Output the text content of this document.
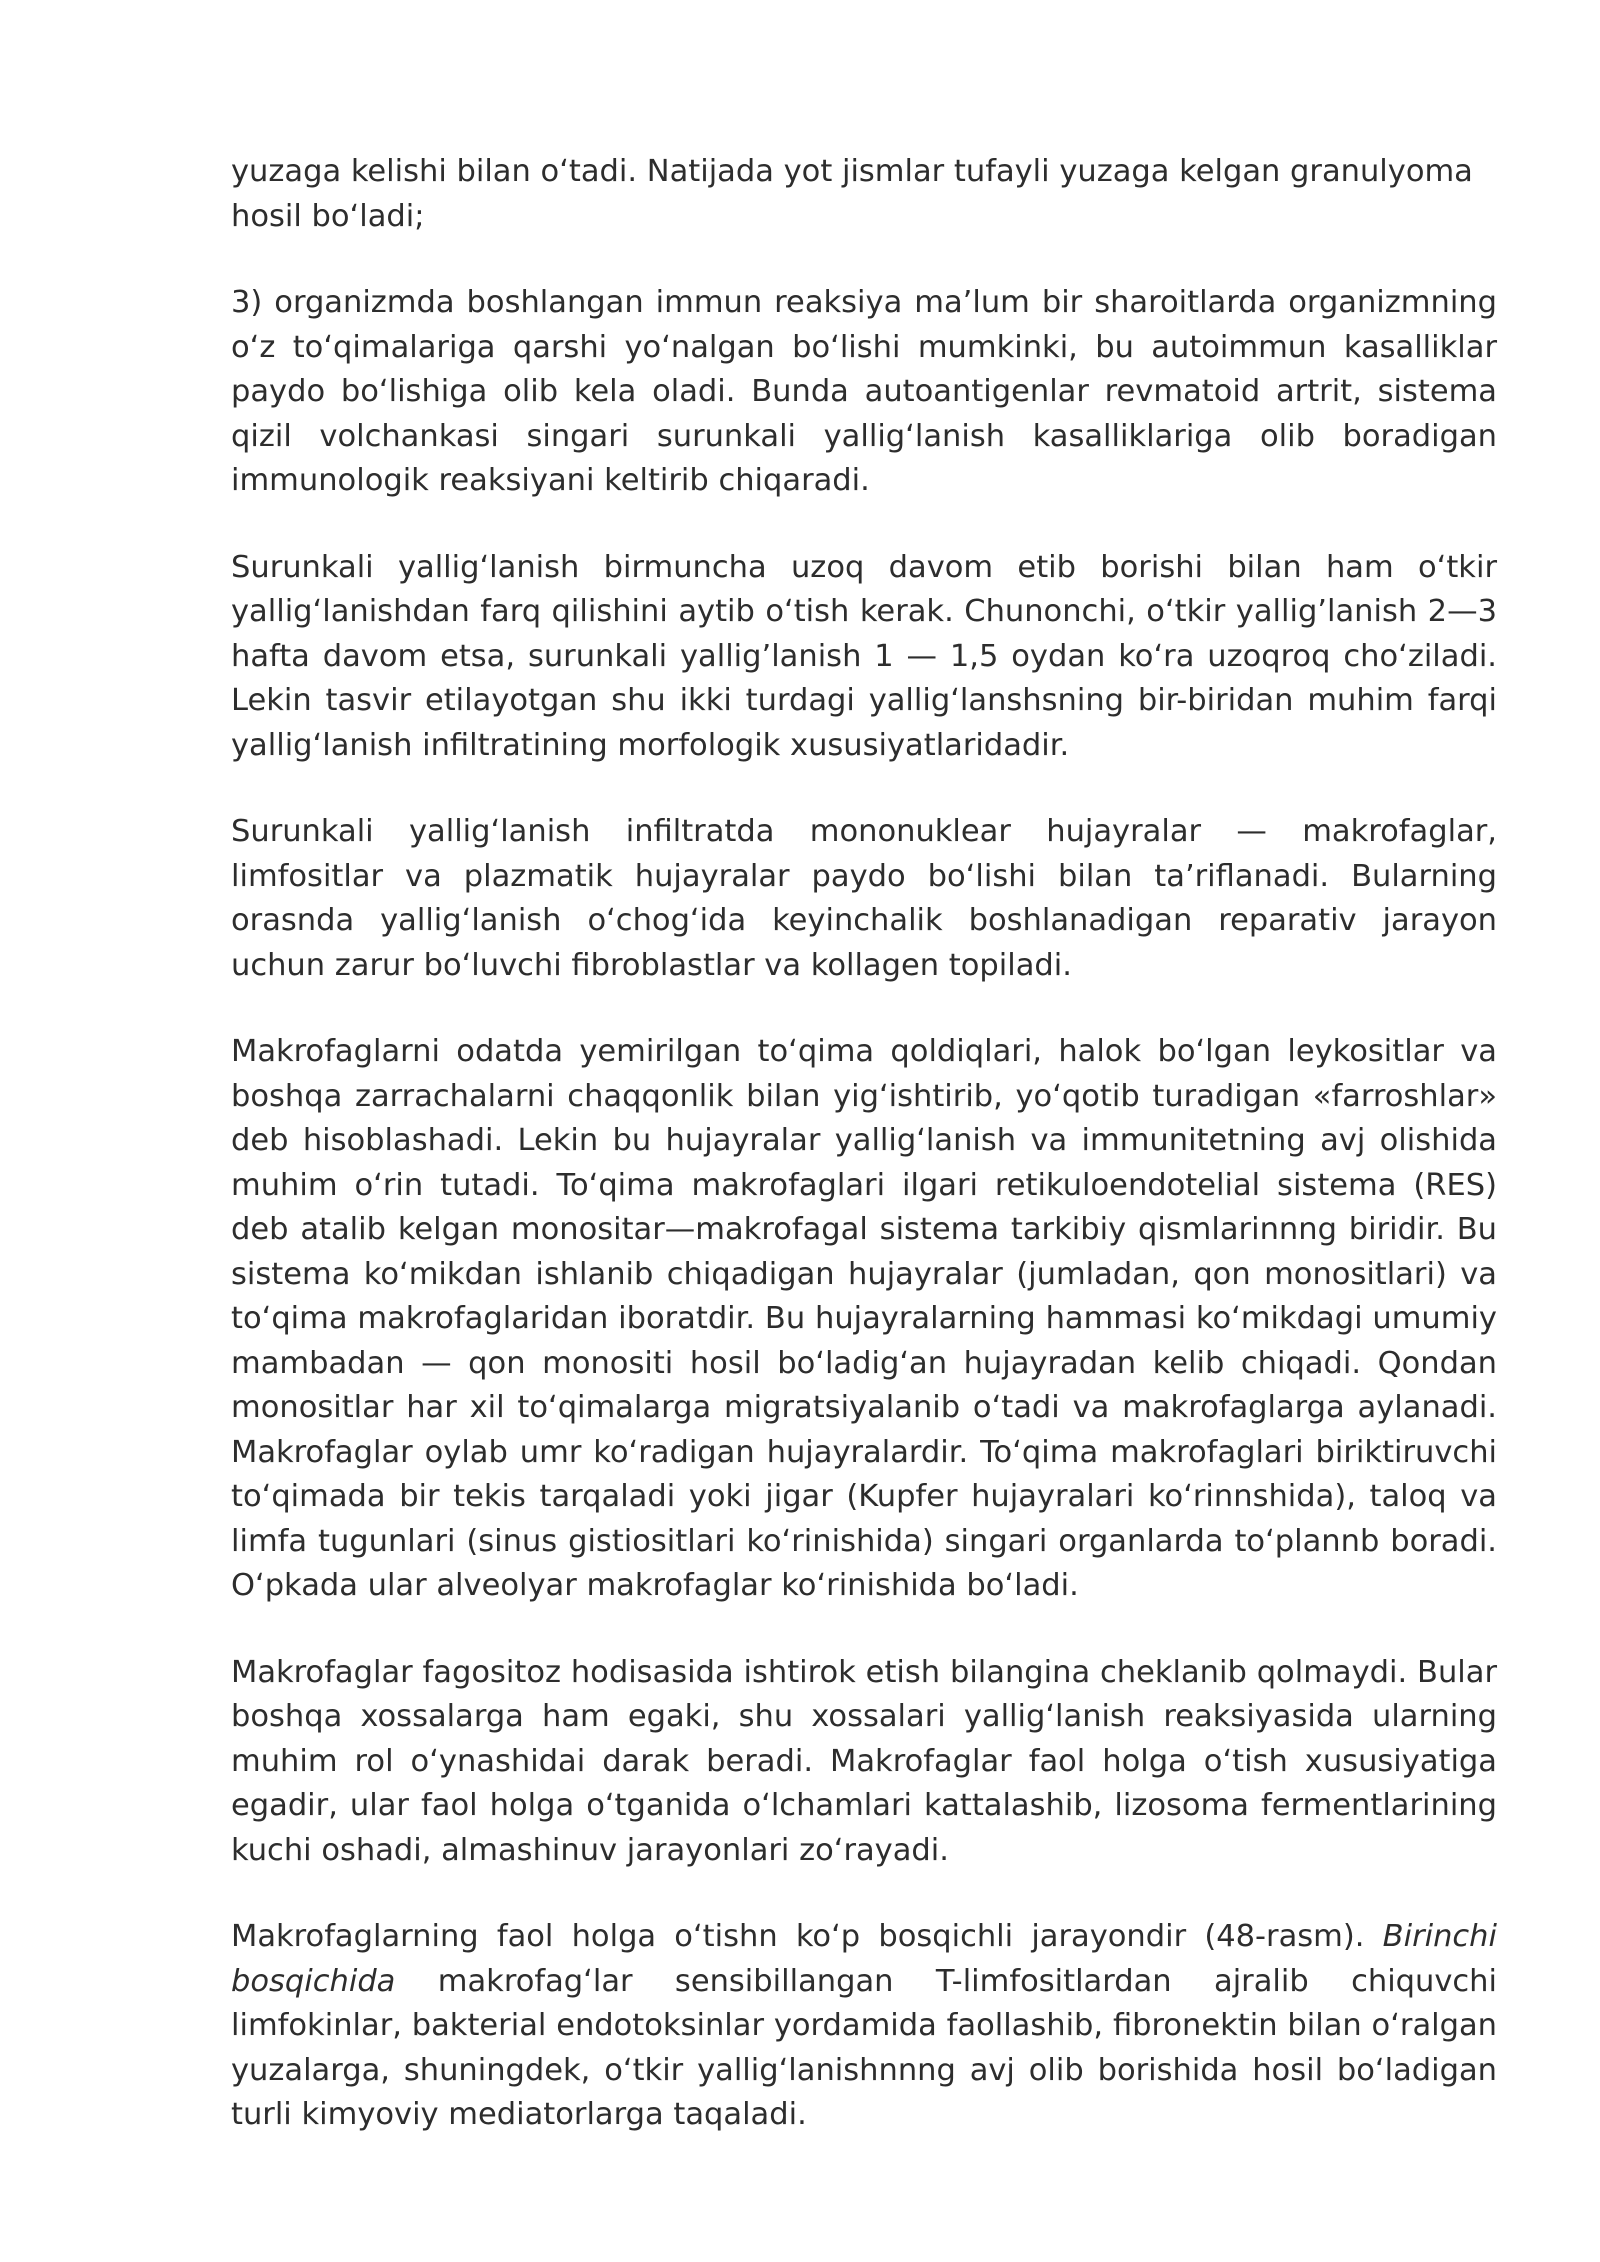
yuzaga kelishi bilan oʻtadi. Natijada yot jismlar tufayli yuzaga kelgan granulyoma hosil boʻladi;

3) organizmda boshlangan immun reaksiya ma’lum bir sharoitlarda organizmning oʻz toʻqimalariga qarshi yoʻnalgan boʻlishi mumkinki, bu autoimmun kasalliklar paydo boʻlishiga olib kela oladi. Bunda autoantigenlar revmatoid artrit, sistema qizil volchankasi singari surunkali yalligʻlanish kasalliklariga olib boradigan immunologik reaksiyani keltirib chiqaradi.

Surunkali yalligʻlanish birmuncha uzoq davom etib borishi bilan ham oʻtkir yalligʻlanishdan farq qilishini aytib oʻtish kerak. Chunonchi, oʻtkir yallig’lanish 2—3 hafta davom etsa, surunkali yallig’lanish 1 — 1,5 oydan koʻra uzoqroq choʻziladi. Lekin tasvir etilayotgan shu ikki turdagi yalligʻlanshsning bir-biridan muhim farqi yalligʻlanish infiltratining morfologik xususiyatlaridadir.

Surunkali yalligʻlanish infiltratda mononuklear hujayralar — makrofaglar, limfositlar va plazmatik hujayralar paydo boʻlishi bilan ta’riflanadi. Bularning orasnda yalligʻlanish oʻchogʻida keyinchalik boshlanadigan reparativ jarayon uchun zarur boʻluvchi fibroblastlar va kollagen topiladi.

Makrofaglarni odatda yemirilgan toʻqima qoldiqlari, halok boʻlgan leykositlar va boshqa zarrachalarni chaqqonlik bilan yigʻishtirib, yoʻqotib turadigan «farroshlar» deb hisoblashadi. Lekin bu hujayralar yalligʻlanish va immunitetning avj olishida muhim oʻrin tutadi. Toʻqima makrofaglari ilgari retikuloendotelial sistema (RES) deb atalib kelgan monositar—makrofagal sistema tarkibiy qismlarinnng biridir. Bu sistema koʻmikdan ishlanib chiqadigan hujayralar (jumladan, qon monositlari) va toʻqima makrofaglaridan iboratdir. Bu hujayralarning hammasi koʻmikdagi umumiy mambadan — qon monositi hosil boʻladigʻan hujayradan kelib chiqadi. Qondan monositlar har xil toʻqimalarga migratsiyalanib oʻtadi va makrofaglarga aylanadi. Makrofaglar oylab umr koʻradigan hujayralardir. Toʻqima makrofaglari biriktiruvchi toʻqimada bir tekis tarqaladi yoki jigar (Kupfer hujayralari koʻrinnshida), taloq va limfa tugunlari (sinus gistiositlari koʻrinishida) singari organlarda toʻplannb boradi. Oʻpkada ular alveolyar makrofaglar koʻrinishida boʻladi.

Makrofaglar fagositoz hodisasida ishtirok etish bilangina cheklanib qolmaydi. Bular boshqa xossalarga ham egaki, shu xossalari yalligʻlanish reaksiyasida ularning muhim rol oʻynashidai darak beradi. Makrofaglar faol holga oʻtish xususiyatiga egadir, ular faol holga oʻtganida oʻlchamlari kattalashib, lizosoma fermentlarining kuchi oshadi, almashinuv jarayonlari zoʻrayadi.

Makrofaglarning faol holga oʻtishn koʻp bosqichli jarayondir (48-rasm). Birinchi bosqichida makrofagʻlar sensibillangan T-limfositlardan ajralib chiquvchi limfokinlar, bakterial endotoksinlar yordamida faollashib, fibronektin bilan oʻralgan yuzalarga, shuningdek, oʻtkir yalligʻlanishnnng avj olib borishida hosil boʻladigan turli kimyoviy mediatorlarga taqaladi.
